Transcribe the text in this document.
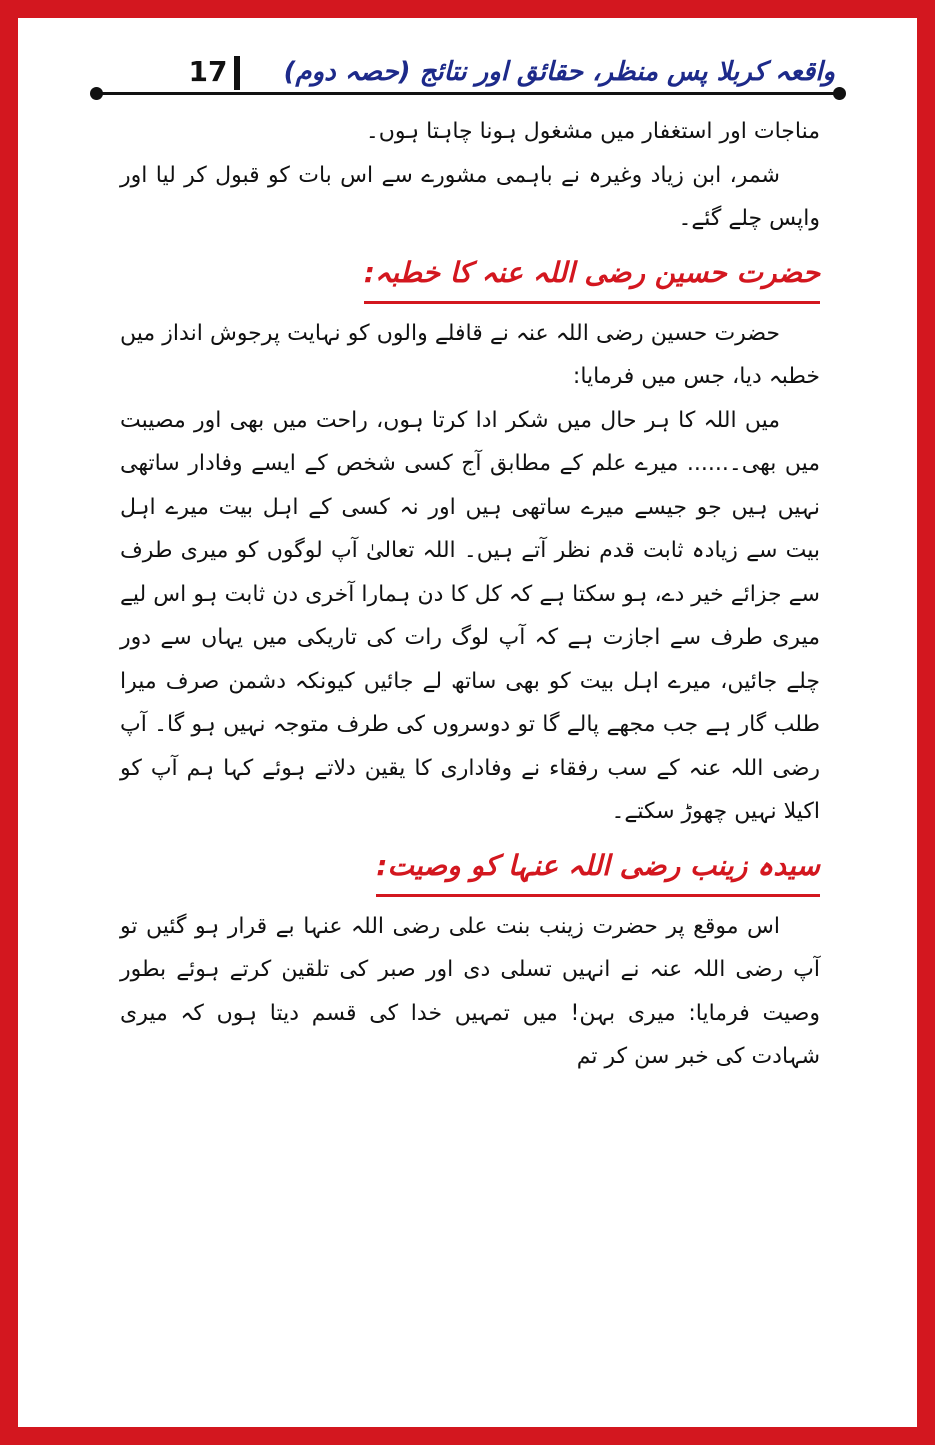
17	واقعہ کربلا پس منظر، حقائق اور نتائج (حصہ دوم)

مناجات اور استغفار میں مشغول ہونا چاہتا ہوں۔

شمر، ابن زیاد وغیرہ نے باہمی مشورے سے اس بات کو قبول کر لیا اور واپس چلے گئے۔

حضرت حسین رضی اللہ عنہ کا خطبہ:

حضرت حسین رضی اللہ عنہ نے قافلے والوں کو نہایت پرجوش انداز میں خطبہ دیا، جس میں فرمایا:

میں اللہ کا ہر حال میں شکر ادا کرتا ہوں، راحت میں بھی اور مصیبت میں بھی۔...... میرے علم کے مطابق آج کسی شخص کے ایسے وفادار ساتھی نہیں ہیں جو جیسے میرے ساتھی ہیں اور نہ کسی کے اہل بیت میرے اہل بیت سے زیادہ ثابت قدم نظر آتے ہیں۔ اللہ تعالیٰ آپ لوگوں کو میری طرف سے جزائے خیر دے، ہو سکتا ہے کہ کل کا دن ہمارا آخری دن ثابت ہو اس لیے میری طرف سے اجازت ہے کہ آپ لوگ رات کی تاریکی میں یہاں سے دور چلے جائیں، میرے اہل بیت کو بھی ساتھ لے جائیں کیونکہ دشمن صرف میرا طلب گار ہے جب مجھے پالے گا تو دوسروں کی طرف متوجہ نہیں ہو گا۔ آپ رضی اللہ عنہ کے سب رفقاء نے وفاداری کا یقین دلاتے ہوئے کہا ہم آپ کو اکیلا نہیں چھوڑ سکتے۔

سیدہ زینب رضی اللہ عنہا کو وصیت:

اس موقع پر حضرت زینب بنت علی رضی اللہ عنہا بے قرار ہو گئیں تو آپ رضی اللہ عنہ نے انہیں تسلی دی اور صبر کی تلقین کرتے ہوئے بطور وصیت فرمایا: میری بہن! میں تمہیں خدا کی قسم دیتا ہوں کہ میری شہادت کی خبر سن کر تم
